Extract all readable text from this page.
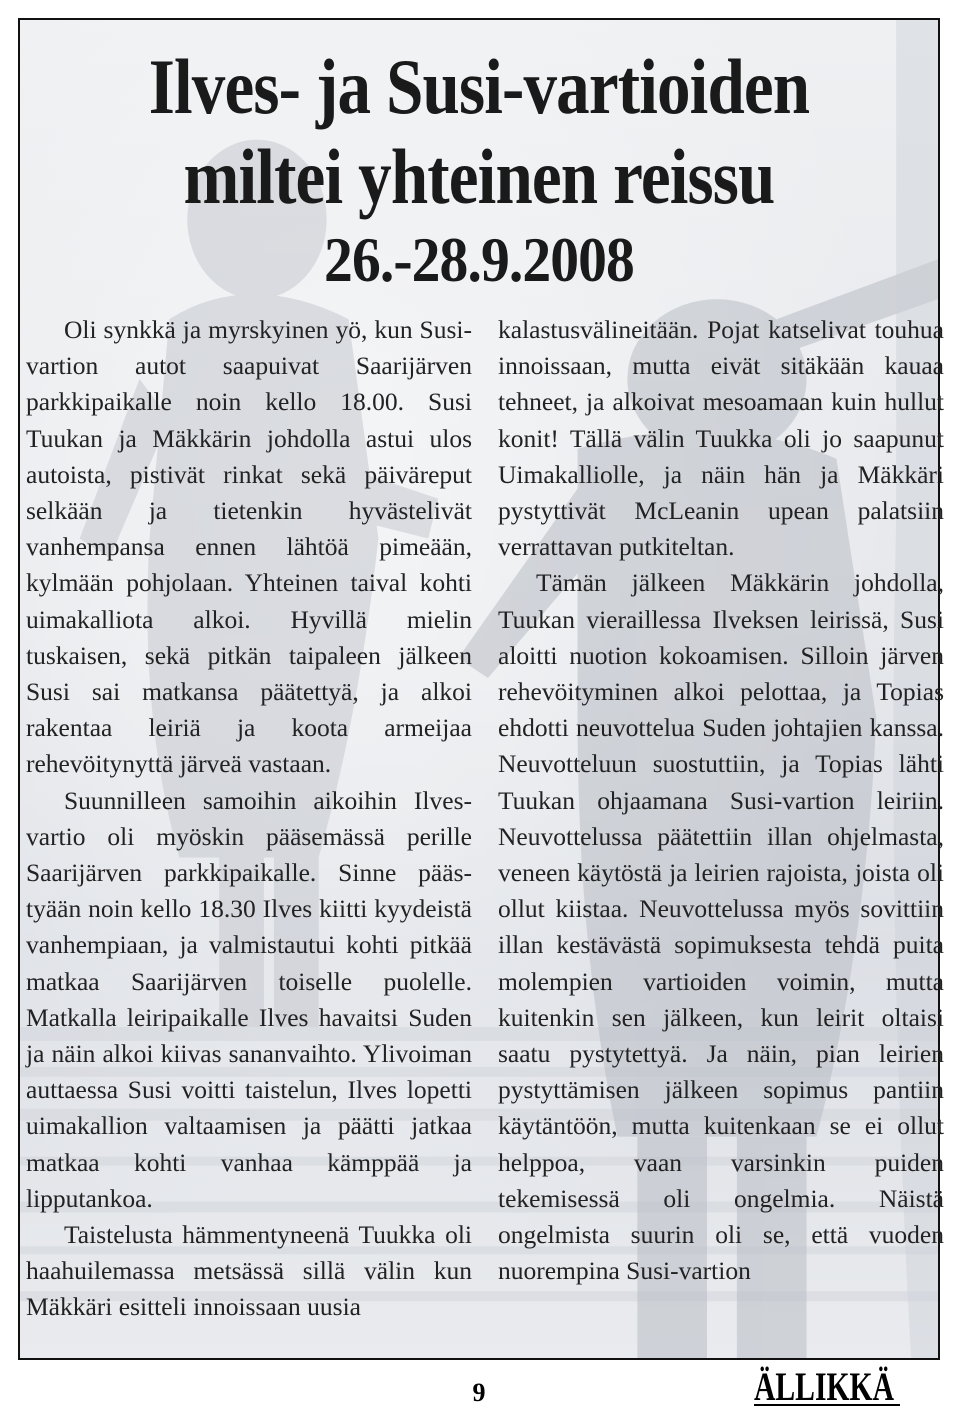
Ilves- ja Susi-vartioiden
miltei yhteinen reissu
26.-28.9.2008

Oli synkkä ja myrskyinen yö, kun Susi-vartion autot saapuivat Saarijärven parkkipaikalle noin kello 18.00. Susi Tuukan ja Mäkkärin johdolla astui ulos autoista, pistivät rinkat sekä päiväreput selkään ja tietenkin hyvästelivät vanhempansa ennen lähtöä pimeään, kylmään pohjolaan. Yhteinen taival kohti uimakalliota alkoi. Hyvillä mielin tuskaisen, sekä pitkän taipaleen jälkeen Susi sai matkansa päätettyä, ja alkoi rakentaa leiriä ja koota armeijaa rehevöitynyttä järveä vastaan.

Suunnilleen samoihin aikoihin Ilvesvartio oli myöskin pääsemässä perille Saarijärven parkkipaikalle. Sinne päästyään noin kello 18.30 Ilves kiitti kyydeistä vanhempiaan, ja valmistautui kohti pitkää matkaa Saarijärven toiselle puolelle. Matkalla leiripaikalle Ilves havaitsi Suden ja näin alkoi kiivas sananvaihto. Ylivoiman auttaessa Susi voitti taistelun, Ilves lopetti uimakallion valtaamisen ja päätti jatkaa matkaa kohti vanhaa kämppää ja lipputankoa.

Taistelusta hämmentyneenä Tuukka oli haahuilemassa metsässä sillä välin kun Mäkkäri esitteli innoissaan uusia

kalastusvälineitään. Pojat katselivat touhua innoissaan, mutta eivät sitäkään kauaa tehneet, ja alkoivat mesoamaan kuin hullut konit! Tällä välin Tuukka oli jo saapunut Uimakalliolle, ja näin hän ja Mäkkäri pystyttivät McLeanin upean palatsiin verrattavan putkiteltan.

Tämän jälkeen Mäkkärin johdolla, Tuukan vieraillessa Ilveksen leirissä, Susi aloitti nuotion kokoamisen. Silloin järven rehevöityminen alkoi pelottaa, ja Topias ehdotti neuvottelua Suden johtajien kanssa. Neuvotteluun suostuttiin, ja Topias lähti Tuukan ohjaamana Susi-vartion leiriin. Neuvottelussa päätettiin illan ohjelmasta, veneen käytöstä ja leirien rajoista, joista oli ollut kiistaa. Neuvottelussa myös sovittiin illan kestävästä sopimuksesta tehdä puita molempien vartioiden voimin, mutta kuitenkin sen jälkeen, kun leirit oltaisi saatu pystytettyä. Ja näin, pian leirien pystyttämisen jälkeen sopimus pantiin käytäntöön, mutta kuitenkaan se ei ollut helppoa, vaan varsinkin puiden tekemisessä oli ongelmia. Näistä ongelmista suurin oli se, että vuoden nuorempina Susi-vartion

9	ÄLLIKKÄ
